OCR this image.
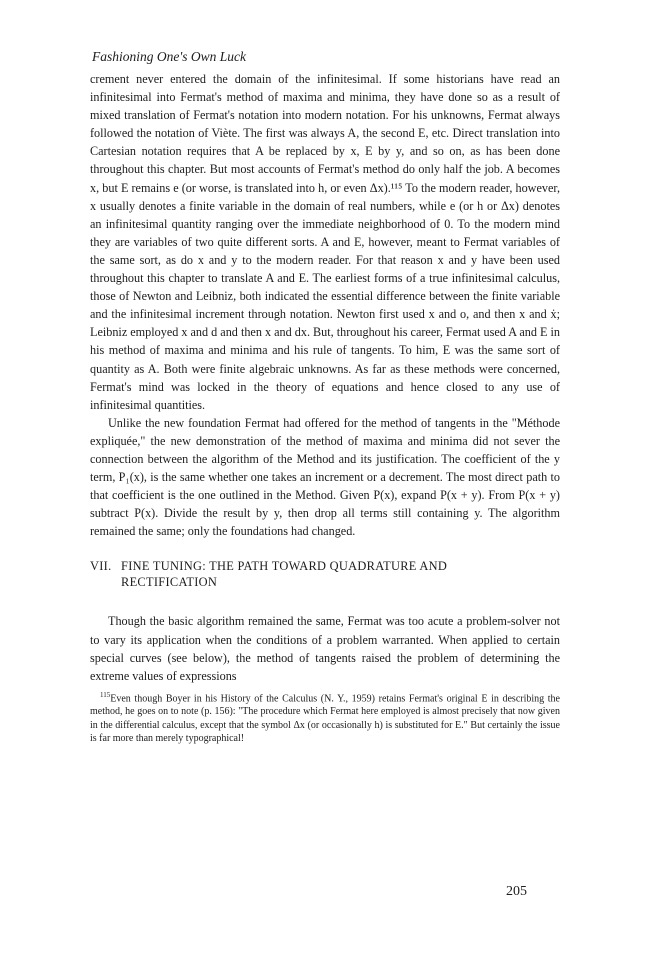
Fashioning One's Own Luck

crement never entered the domain of the infinitesimal. If some historians have read an infinitesimal into Fermat's method of maxima and minima, they have done so as a result of mixed translation of Fermat's notation into modern notation. For his unknowns, Fermat always followed the notation of Viète. The first was always A, the second E, etc. Direct translation into Cartesian notation requires that A be replaced by x, E by y, and so on, as has been done throughout this chapter. But most accounts of Fermat's method do only half the job. A becomes x, but E remains e (or worse, is translated into h, or even Δx).¹¹⁵ To the modern reader, however, x usually denotes a finite variable in the domain of real numbers, while e (or h or Δx) denotes an infinitesimal quantity ranging over the immediate neighborhood of 0. To the modern mind they are variables of two quite different sorts. A and E, however, meant to Fermat variables of the same sort, as do x and y to the modern reader. For that reason x and y have been used throughout this chapter to translate A and E. The earliest forms of a true infinitesimal calculus, those of Newton and Leibniz, both indicated the essential difference between the finite variable and the infinitesimal increment through notation. Newton first used x and o, and then x and ẋ; Leibniz employed x and d and then x and dx. But, throughout his career, Fermat used A and E in his method of maxima and minima and his rule of tangents. To him, E was the same sort of quantity as A. Both were finite algebraic unknowns. As far as these methods were concerned, Fermat's mind was locked in the theory of equations and hence closed to any use of infinitesimal quantities.

Unlike the new foundation Fermat had offered for the method of tangents in the "Méthode expliquée," the new demonstration of the method of maxima and minima did not sever the connection between the algorithm of the Method and its justification. The coefficient of the y term, P₁(x), is the same whether one takes an increment or a decrement. The most direct path to that coefficient is the one outlined in the Method. Given P(x), expand P(x + y). From P(x + y) subtract P(x). Divide the result by y, then drop all terms still containing y. The algorithm remained the same; only the foundations had changed.

VII. FINE TUNING: THE PATH TOWARD QUADRATURE AND RECTIFICATION

Though the basic algorithm remained the same, Fermat was too acute a problem-solver not to vary its application when the conditions of a problem warranted. When applied to certain special curves (see below), the method of tangents raised the problem of determining the extreme values of expressions

$^{115}$Even though Boyer in his History of the Calculus (N. Y., 1959) retains Fermat's original E in describing the method, he goes on to note (p. 156): "The procedure which Fermat here employed is almost precisely that now given in the differential calculus, except that the symbol Δx (or occasionally h) is substituted for E." But certainly the issue is far more than merely typographical!

205
